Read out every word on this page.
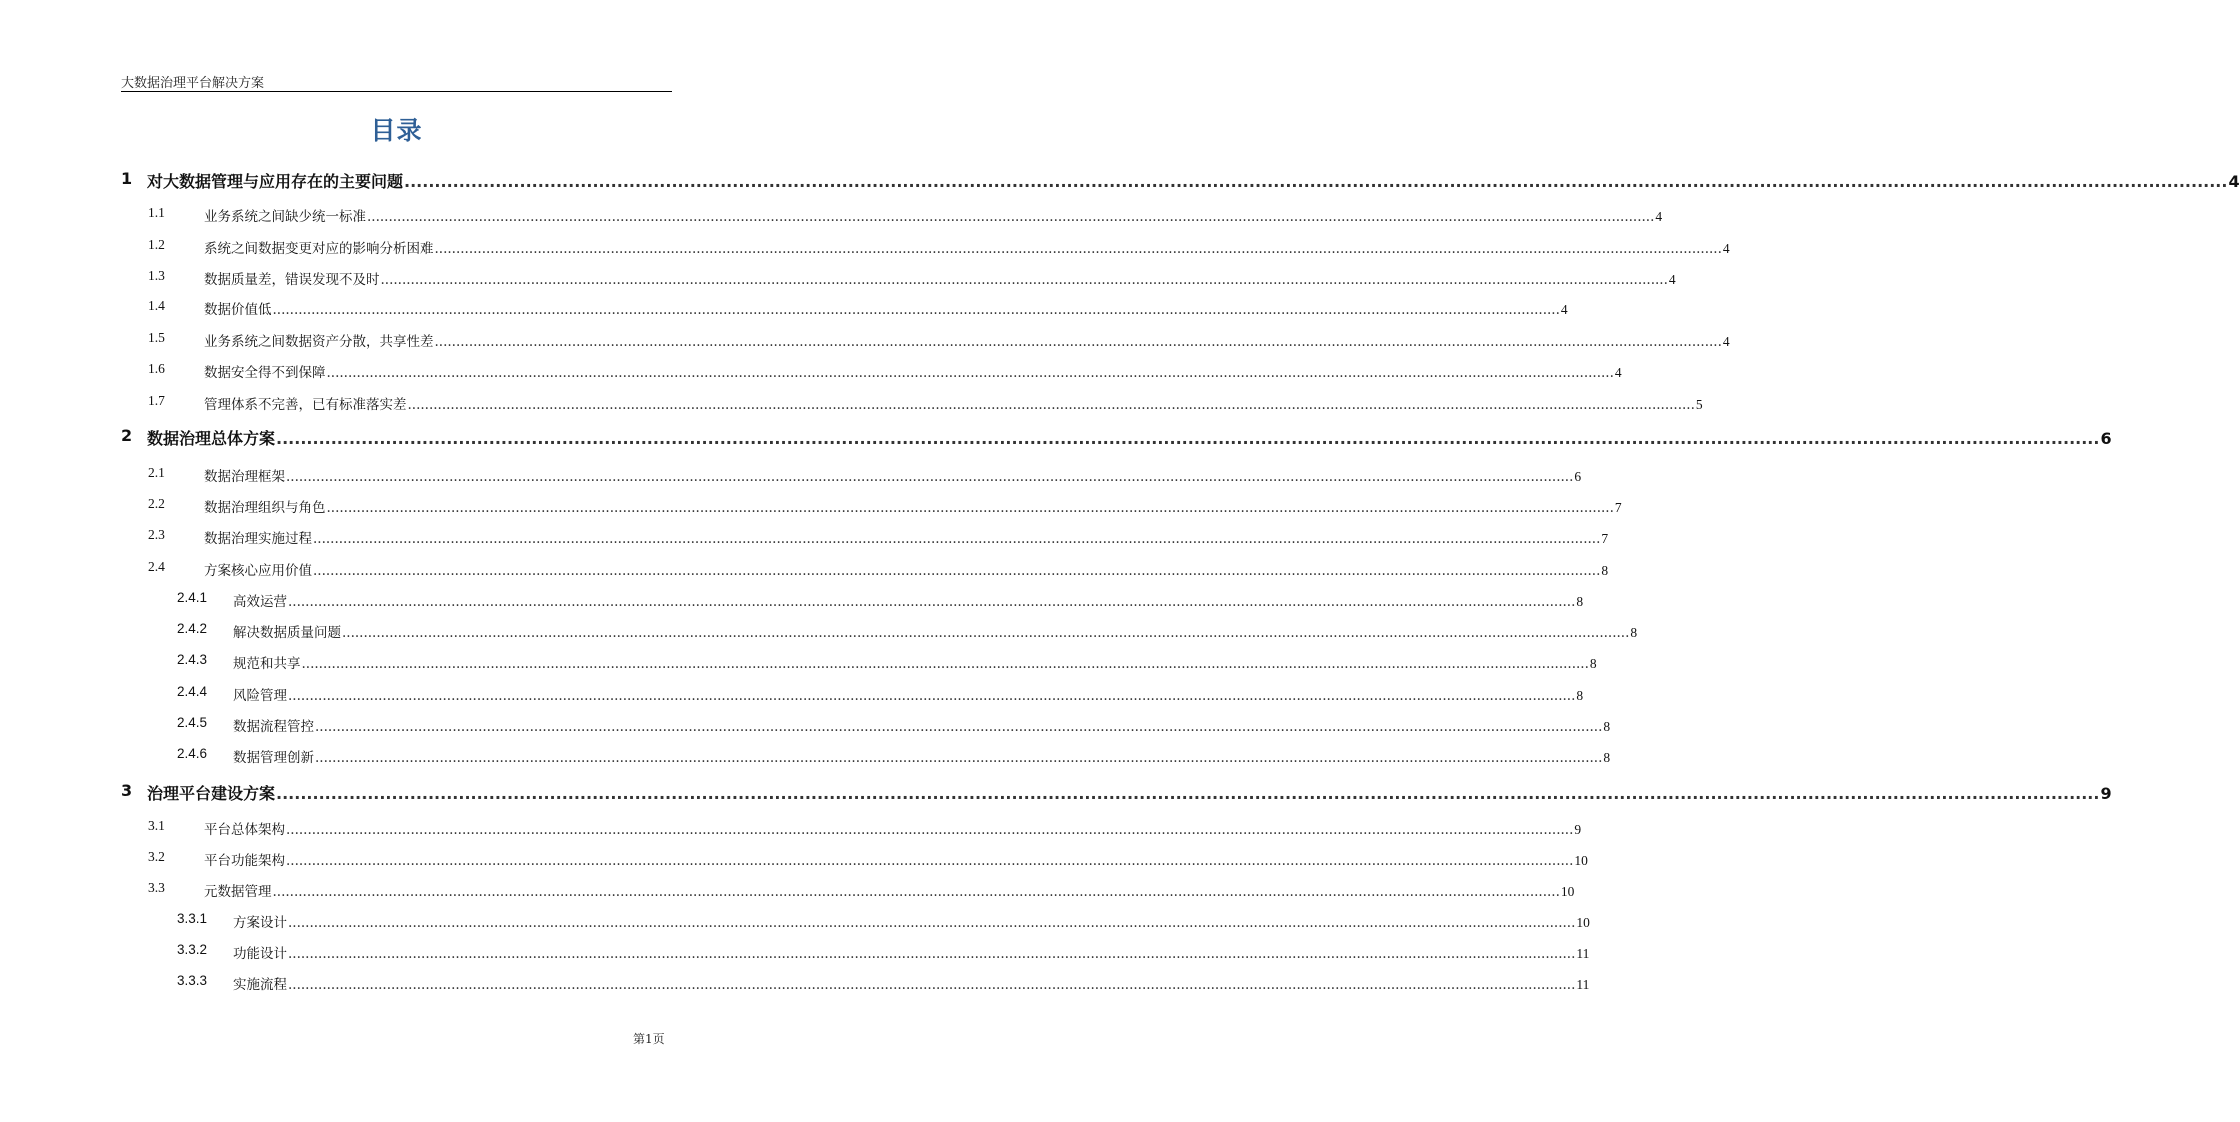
大数据治理平台解决方案
目录
1 对大数据管理与应用存在的主要问题 ............................................................................................................................................................................................................................................................................................................ 4
1.1	业务系统之间缺少统一标准 ............................................................................................................................................................................................................................................................................................................ 4
1.2	系统之间数据变更对应的影响分析困难 ............................................................................................................................................................................................................................................................................................................ 4
1.3	数据质量差，错误发现不及时 ............................................................................................................................................................................................................................................................................................................ 4
1.4	数据价值低 ............................................................................................................................................................................................................................................................................................................ 4
1.5	业务系统之间数据资产分散，共享性差 ............................................................................................................................................................................................................................................................................................................ 4
1.6	数据安全得不到保障 ............................................................................................................................................................................................................................................................................................................ 4
1.7	管理体系不完善，已有标准落实差 ............................................................................................................................................................................................................................................................................................................ 5
2 数据治理总体方案 ............................................................................................................................................................................................................................................................................................................ 6
2.1	数据治理框架 ............................................................................................................................................................................................................................................................................................................ 6
2.2	数据治理组织与角色 ............................................................................................................................................................................................................................................................................................................ 7
2.3	数据治理实施过程 ............................................................................................................................................................................................................................................................................................................ 7
2.4	方案核心应用价值 ............................................................................................................................................................................................................................................................................................................ 8
2.4.1 高效运营 ............................................................................................................................................................................................................................................................................................................ 8
2.4.2 解决数据质量问题 ............................................................................................................................................................................................................................................................................................................ 8
2.4.3 规范和共享 ............................................................................................................................................................................................................................................................................................................ 8
2.4.4 风险管理 ............................................................................................................................................................................................................................................................................................................ 8
2.4.5 数据流程管控 ............................................................................................................................................................................................................................................................................................................ 8
2.4.6 数据管理创新 ............................................................................................................................................................................................................................................................................................................ 8
3 治理平台建设方案 ............................................................................................................................................................................................................................................................................................................ 9
3.1	平台总体架构 ............................................................................................................................................................................................................................................................................................................ 9
3.2	平台功能架构 ............................................................................................................................................................................................................................................................................................................ 10
3.3	元数据管理 ............................................................................................................................................................................................................................................................................................................ 10
3.3.1 方案设计 ............................................................................................................................................................................................................................................................................................................ 10
3.3.2 功能设计 ............................................................................................................................................................................................................................................................................................................ 11
3.3.3 实施流程 ............................................................................................................................................................................................................................................................................................................ 11
第1页
